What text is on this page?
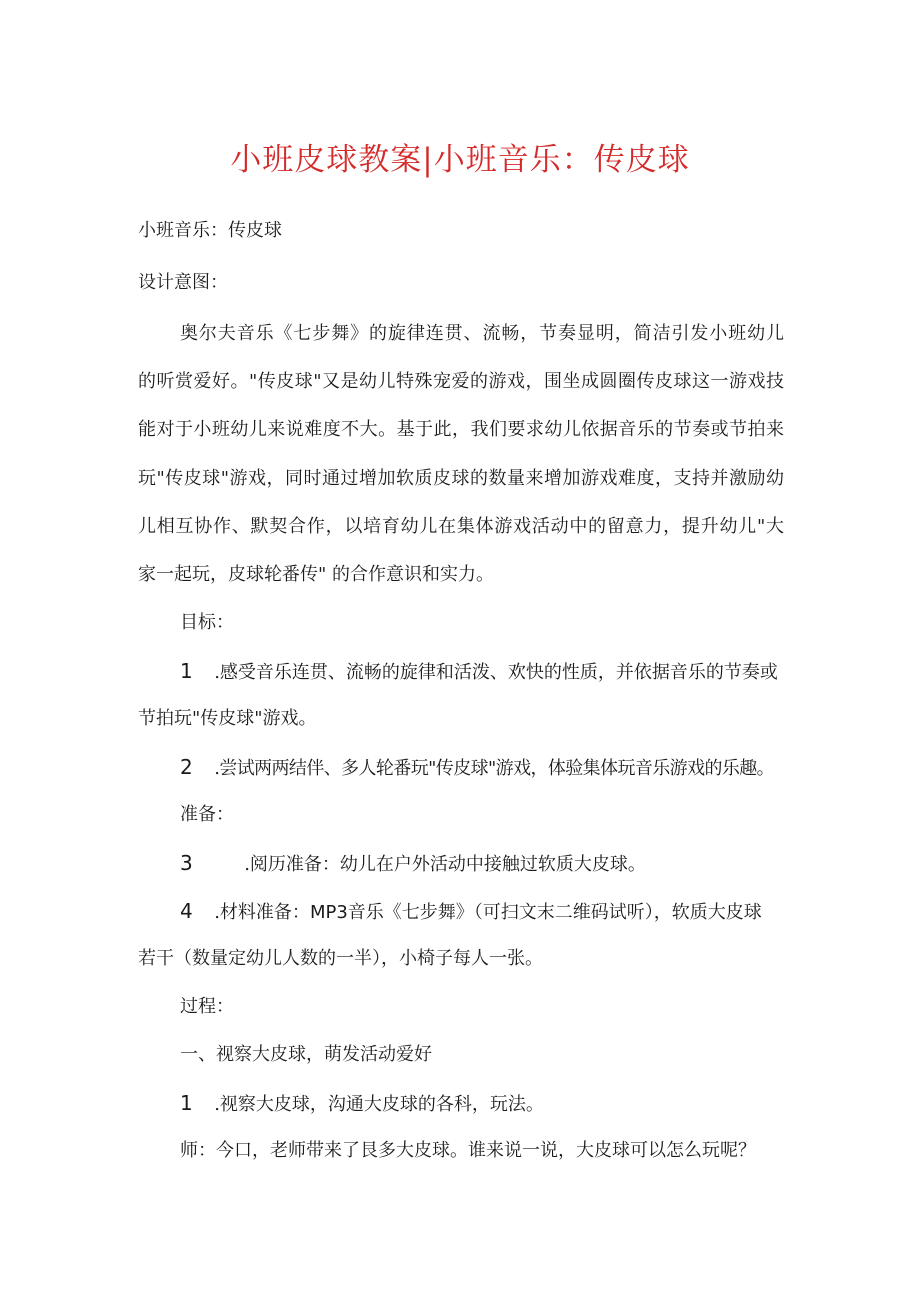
小班皮球教案|小班音乐：传皮球
小班音乐：传皮球
设计意图：
奥尔夫音乐《七步舞》的旋律连贯、流畅，节奏显明，简洁引发小班幼儿
的听赏爱好。"传皮球"又是幼儿特殊宠爱的游戏，围坐成圆圈传皮球这一游戏技
能对于小班幼儿来说难度不大。基于此，我们要求幼儿依据音乐的节奏或节拍来
玩"传皮球"游戏，同时通过增加软质皮球的数量来增加游戏难度，支持并激励幼
儿相互协作、默契合作，以培育幼儿在集体游戏活动中的留意力，提升幼儿"大
家一起玩，皮球轮番传" 的合作意识和实力。
目标：
1 .感受音乐连贯、流畅的旋律和活泼、欢快的性质，并依据音乐的节奏或
节拍玩"传皮球"游戏。
2 .尝试两两结伴、多人轮番玩"传皮球"游戏，体验集体玩音乐游戏的乐趣。
准备：
3	.阅历准备：幼儿在户外活动中接触过软质大皮球。
4 .材料准备：MP3音乐《七步舞》（可扫文末二维码试听），软质大皮球
若干（数量定幼儿人数的一半），小椅子每人一张。
过程：
一、视察大皮球，萌发活动爱好
1 .视察大皮球，沟通大皮球的各科，玩法。
师：今口，老师带来了艮多大皮球。谁来说一说，大皮球可以怎么玩呢？
